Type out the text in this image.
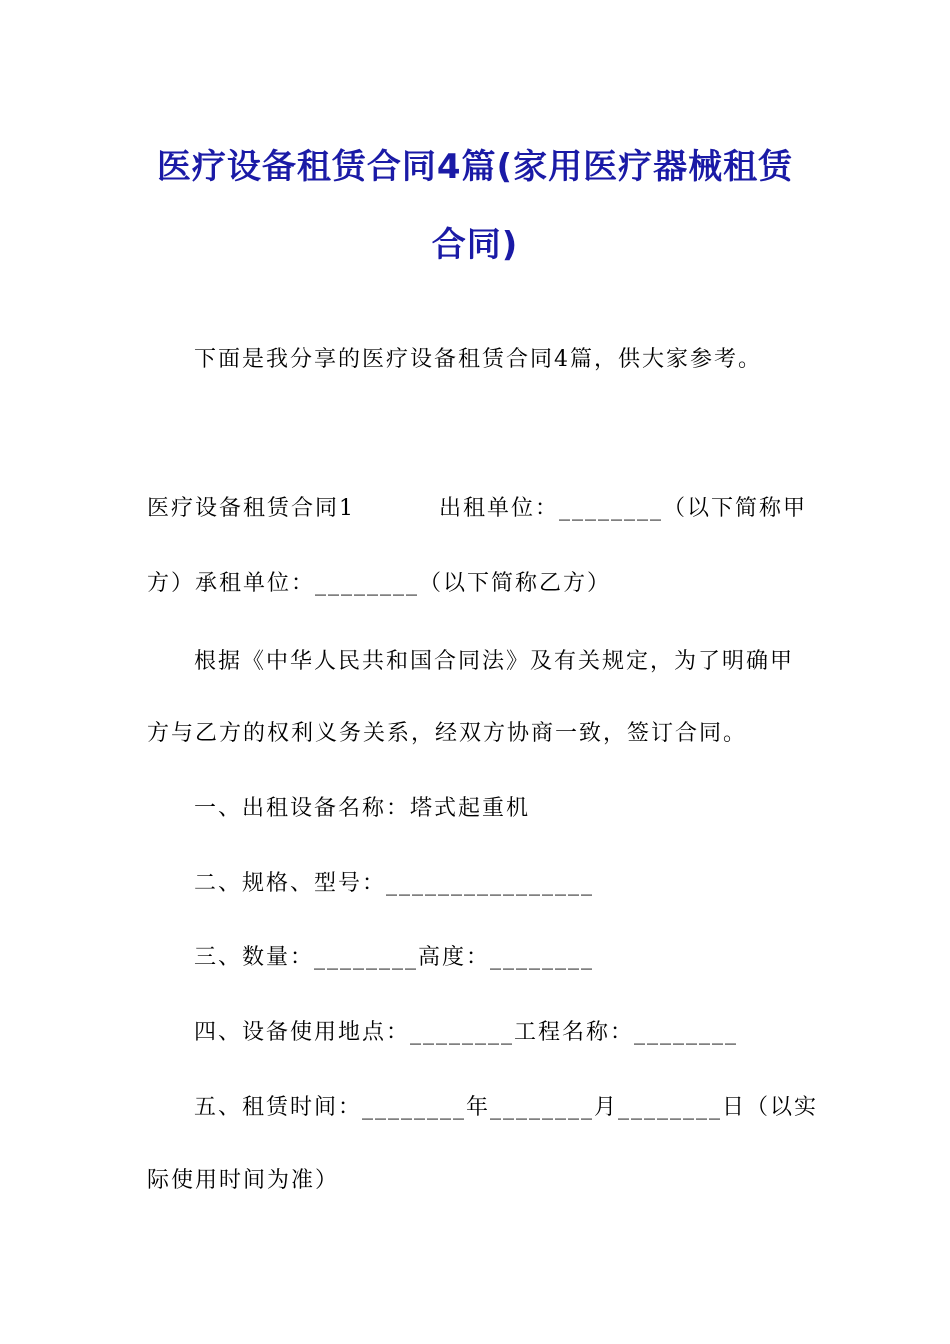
医疗设备租赁合同4篇(家用医疗器械租赁
合同)
下面是我分享的医疗设备租赁合同4篇，供大家参考。
医疗设备租赁合同1	出租单位：________（以下简称甲
方）承租单位：________（以下简称乙方）
根据《中华人民共和国合同法》及有关规定，为了明确甲
方与乙方的权利义务关系，经双方协商一致，签订合同。
一、出租设备名称：塔式起重机
二、规格、型号：________________
三、数量：________高度：________
四、设备使用地点：________工程名称：________
五、租赁时间：________年________月________日（以实
际使用时间为准）
